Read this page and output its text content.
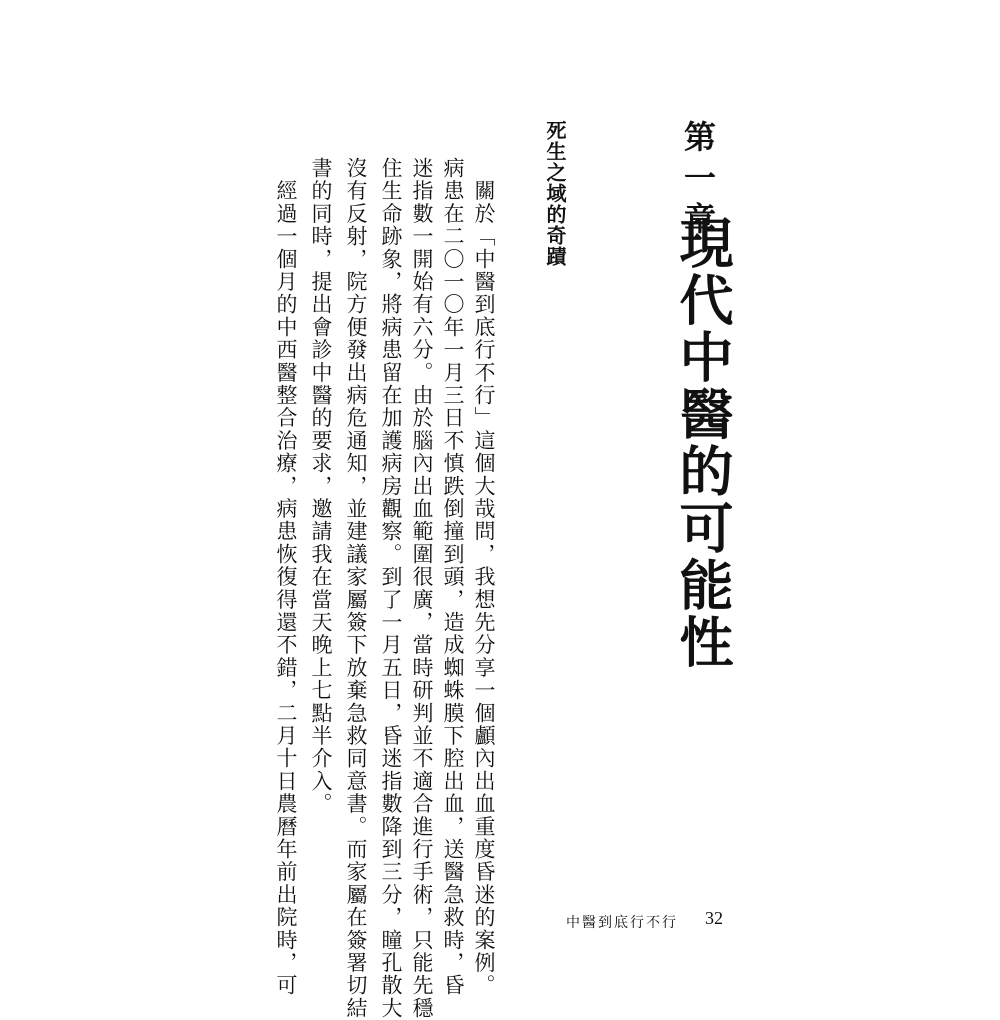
第一章
現代中醫的可能性
死生之域的奇蹟
　關於「中醫到底行不行」這個大哉問，我想先分享一個顱內出血重度昏迷的案例。
病患在二〇一〇年一月三日不慎跌倒撞到頭，造成蜘蛛膜下腔出血，送醫急救時，昏
迷指數一開始有六分。由於腦內出血範圍很廣，當時研判並不適合進行手術，只能先穩
住生命跡象，將病患留在加護病房觀察。到了一月五日，昏迷指數降到三分，瞳孔散大
沒有反射，院方便發出病危通知，並建議家屬簽下放棄急救同意書。而家屬在簽署切結
書的同時，提出會診中醫的要求，邀請我在當天晚上七點半介入。
　經過一個月的中西醫整合治療，病患恢復得還不錯，二月十日農曆年前出院時，可	中醫到底行不行 32
